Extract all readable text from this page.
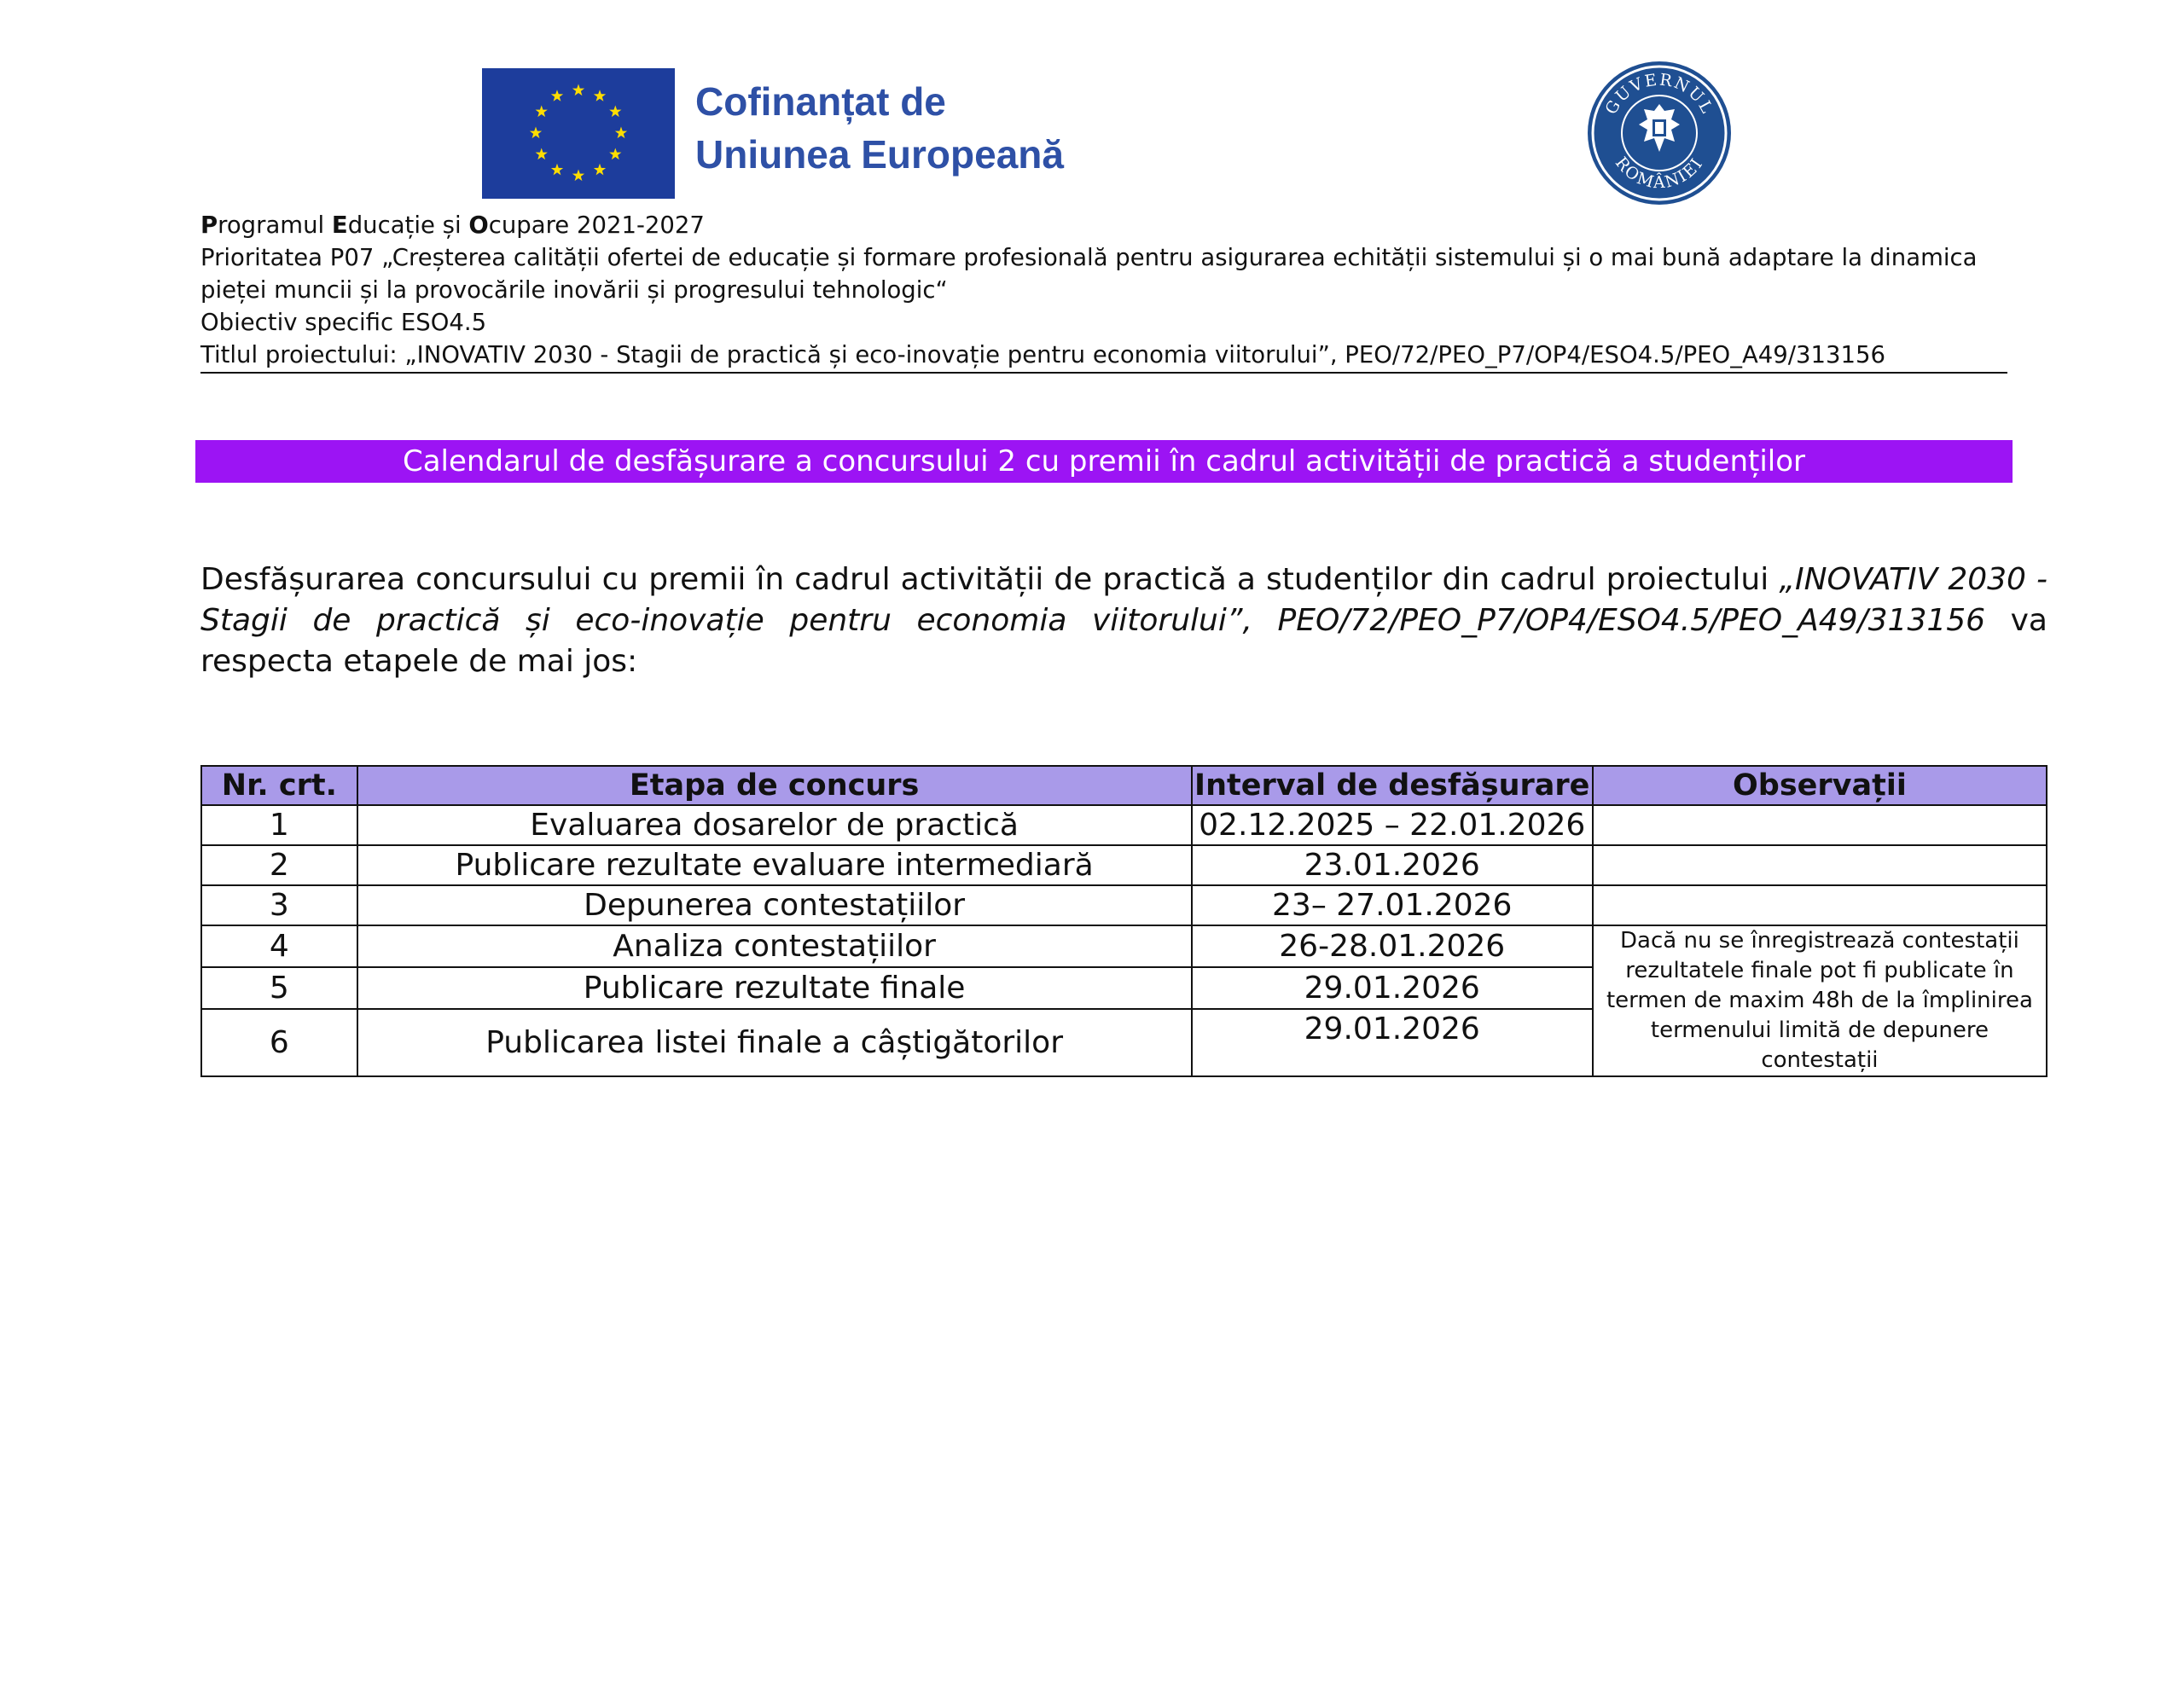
Cofinanțat de
Uniunea Europeană
GUVERNUL
ROMÂNIEI
Programul Educație și Ocupare 2021-2027
Prioritatea P07 „Creșterea calității ofertei de educație și formare profesională pentru asigurarea echității sistemului și o mai bună adaptare la dinamica pieței muncii și la provocările inovării și progresului tehnologic“
Obiectiv specific ESO4.5
Titlul proiectului: „INOVATIV 2030 - Stagii de practică și eco-inovație pentru economia viitorului”, PEO/72/PEO_P7/OP4/ESO4.5/PEO_A49/313156
Calendarul de desfășurare a concursului 2 cu premii în cadrul activității de practică a studenților
Desfășurarea concursului cu premii în cadrul activității de practică a studenților din cadrul proiectului „INOVATIV 2030 - Stagii de practică și eco-inovație pentru economia viitorului”, PEO/72/PEO_P7/OP4/ESO4.5/PEO_A49/313156 va respecta etapele de mai jos:
Nr. crt.	Etapa de concurs	Interval de desfășurare	Observații
1	Evaluarea dosarelor de practică	02.12.2025 – 22.01.2026	
2	Publicare rezultate evaluare intermediară	23.01.2026	
3	Depunerea contestațiilor	23– 27.01.2026	
4	Analiza contestațiilor	26-28.01.2026	Dacă nu se înregistrează contestații rezultatele finale pot fi publicate în termen de maxim 48h de la împlinirea termenului limită de depunere contestații
5	Publicare rezultate finale	29.01.2026	
6	Publicarea listei finale a câștigătorilor	29.01.2026	
